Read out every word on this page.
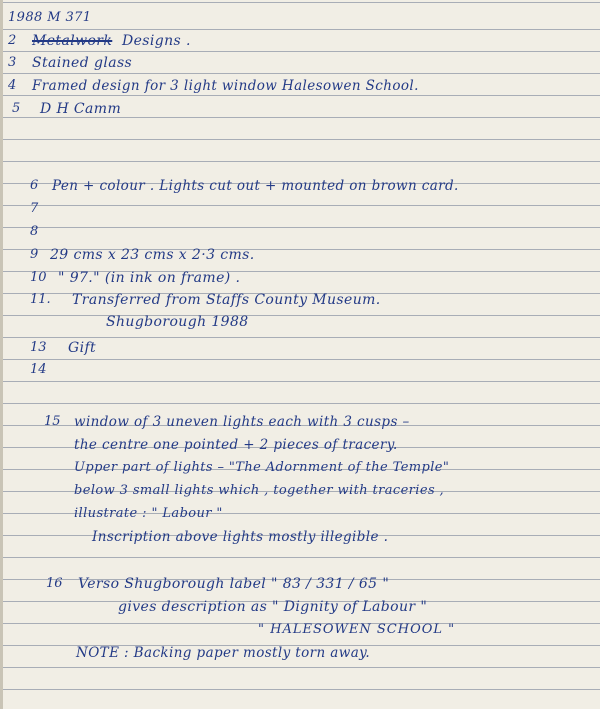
1988 M 371
2 Metalwork Designs .
3 Stained glass
4 Framed design for 3 light window Halesowen School.
5 D H Camm
6 Pen + colour . Lights cut out + mounted on brown card.
7
8
9 29 cms x 23 cms x 2·3 cms.
10 " 97." (in ink on frame) .
11. Transferred from Staffs County Museum.
Shugborough 1988
13 Gift
14
15 window of 3 uneven lights each with 3 cusps –
the centre one pointed + 2 pieces of tracery.
Upper part of lights – "The Adornment of the Temple"
below 3 small lights which , together with traceries ,
illustrate : " Labour "
Inscription above lights mostly illegible .
16 Verso Shugborough label " 83 / 331 / 65 "
gives description as " Dignity of Labour "
" HALESOWEN SCHOOL "
NOTE : Backing paper mostly torn away.
